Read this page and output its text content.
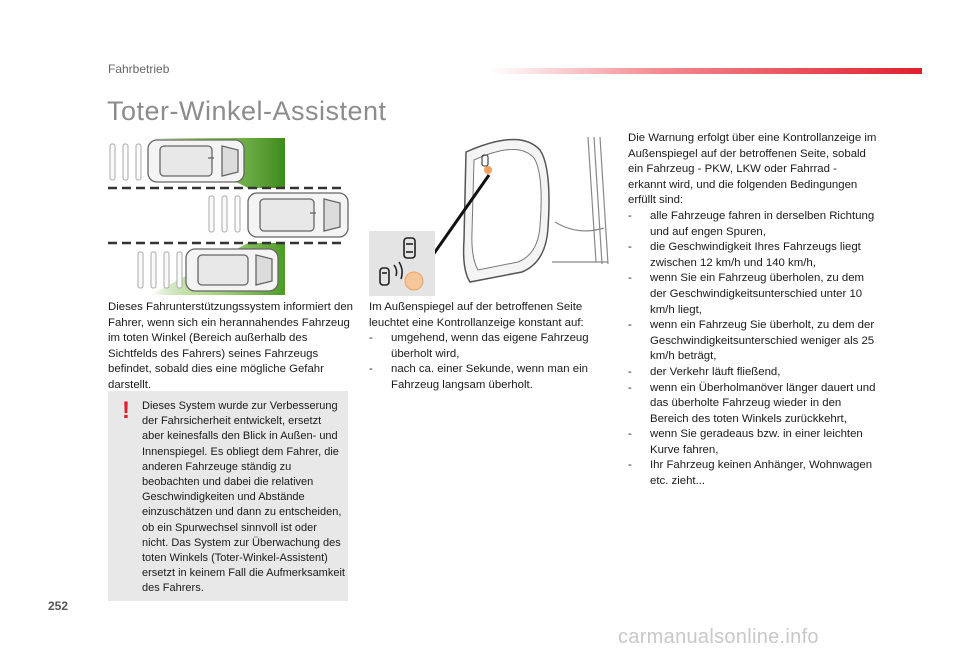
Fahrbetrieb
Toter-Winkel-Assistent
Dieses Fahrunterstützungssystem informiert den Fahrer, wenn sich ein herannahendes Fahrzeug im toten Winkel (Bereich außerhalb des Sichtfelds des Fahrers) seines Fahrzeugs befindet, sobald dies eine mögliche Gefahr darstellt.
! Dieses System wurde zur Verbesserung der Fahrsicherheit entwickelt, ersetzt aber keinesfalls den Blick in Außen- und Innenspiegel. Es obliegt dem Fahrer, die anderen Fahrzeuge ständig zu beobachten und dabei die relativen Geschwindigkeiten und Abstände einzuschätzen und dann zu entscheiden, ob ein Spurwechsel sinnvoll ist oder nicht. Das System zur Überwachung des toten Winkels (Toter-Winkel-Assistent) ersetzt in keinem Fall die Aufmerksamkeit des Fahrers.
Im Außenspiegel auf der betroffenen Seite leuchtet eine Kontrollanzeige konstant auf:
- umgehend, wenn das eigene Fahrzeug überholt wird,
- nach ca. einer Sekunde, wenn man ein Fahrzeug langsam überholt.
Die Warnung erfolgt über eine Kontrollanzeige im Außenspiegel auf der betroffenen Seite, sobald ein Fahrzeug - PKW, LKW oder Fahrrad - erkannt wird, und die folgenden Bedingungen erfüllt sind:
- alle Fahrzeuge fahren in derselben Richtung und auf engen Spuren,
- die Geschwindigkeit Ihres Fahrzeugs liegt zwischen 12 km/h und 140 km/h,
- wenn Sie ein Fahrzeug überholen, zu dem der Geschwindigkeitsunterschied unter 10 km/h liegt,
- wenn ein Fahrzeug Sie überholt, zu dem der Geschwindigkeitsunterschied weniger als 25 km/h beträgt,
- der Verkehr läuft fließend,
- wenn ein Überholmanöver länger dauert und das überholte Fahrzeug wieder in den Bereich des toten Winkels zurückkehrt,
- wenn Sie geradeaus bzw. in einer leichten Kurve fahren,
- Ihr Fahrzeug keinen Anhänger, Wohnwagen etc. zieht...
252
carmanualsonline.info
